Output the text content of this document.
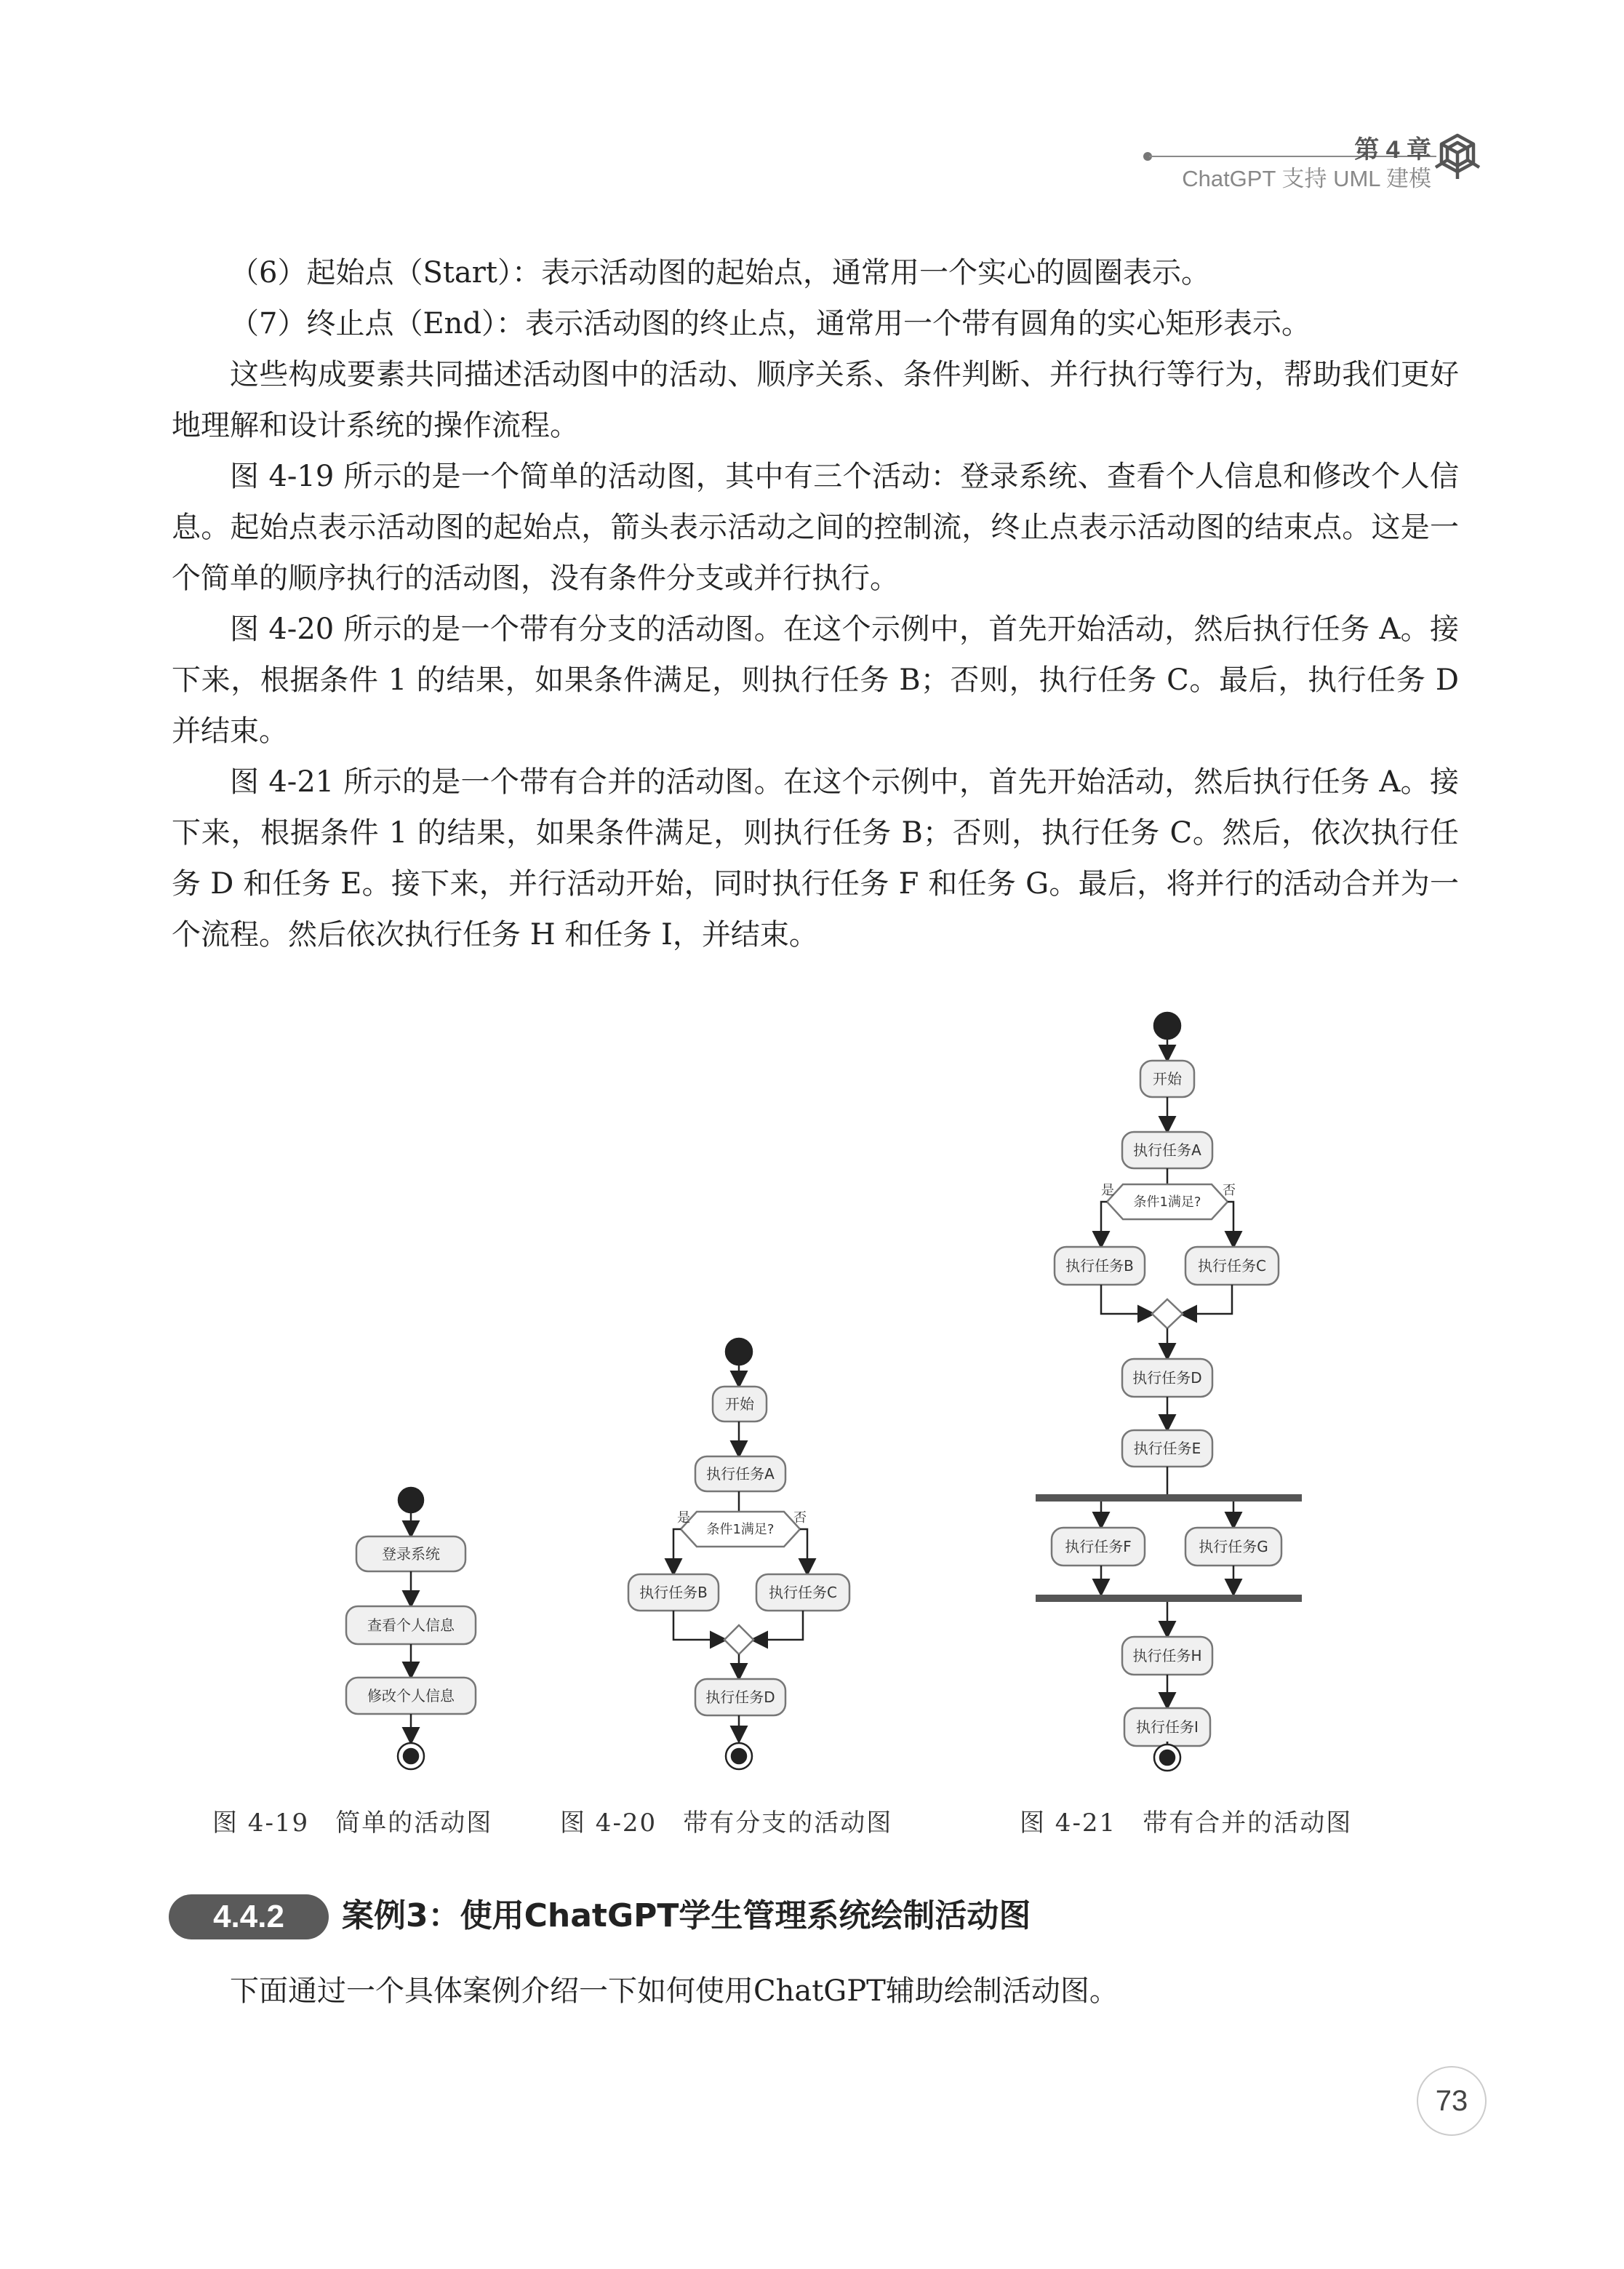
第 4 章
ChatGPT 支持 UML 建模

（6）起始点（Start）：表示活动图的起始点，通常用一个实心的圆圈表示。

（7）终止点（End）：表示活动图的终止点，通常用一个带有圆角的实心矩形表示。

这些构成要素共同描述活动图中的活动、顺序关系、条件判断、并行执行等行为，帮助我们更好地理解和设计系统的操作流程。

图 4-19 所示的是一个简单的活动图，其中有三个活动：登录系统、查看个人信息和修改个人信息。起始点表示活动图的起始点，箭头表示活动之间的控制流，终止点表示活动图的结束点。这是一个简单的顺序执行的活动图，没有条件分支或并行执行。

图 4-20 所示的是一个带有分支的活动图。在这个示例中，首先开始活动，然后执行任务 A。接下来，根据条件 1 的结果，如果条件满足，则执行任务 B；否则，执行任务 C。最后，执行任务 D 并结束。

图 4-21 所示的是一个带有合并的活动图。在这个示例中，首先开始活动，然后执行任务 A。接下来，根据条件 1 的结果，如果条件满足，则执行任务 B；否则，执行任务 C。然后，依次执行任务 D 和任务 E。接下来，并行活动开始，同时执行任务 F 和任务 G。最后，将并行的活动合并为一个流程。然后依次执行任务 H 和任务 I，并结束。

登录系统
查看个人信息
修改个人信息
开始
执行任务A
条件1满足?
是	否
执行任务B	执行任务C
执行任务D
开始
执行任务A
条件1满足?
是	否
执行任务B	执行任务C
执行任务D
执行任务E
执行任务F	执行任务G
执行任务H
执行任务I
图 4-19　简单的活动图	图 4-20　带有分支的活动图	图 4-21　带有合并的活动图
4.4.2	案例3：使用ChatGPT学生管理系统绘制活动图
下面通过一个具体案例介绍一下如何使用ChatGPT辅助绘制活动图。
73
